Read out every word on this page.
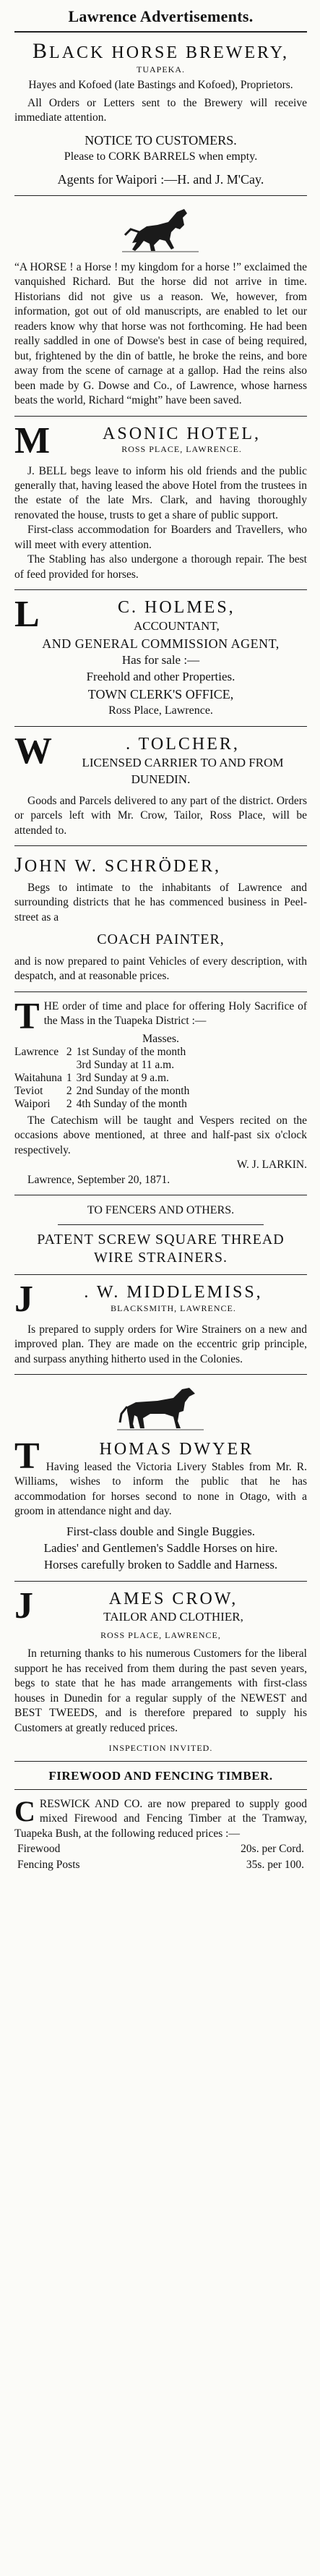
Lawrence Advertisements.
BLACK HORSE BREWERY,
TUAPEKA.
Hayes and Kofoed (late Bastings and Kofoed), Proprietors.
All Orders or Letters sent to the Brewery will receive immediate attention.
NOTICE TO CUSTOMERS.
Please to CORK BARRELS when empty.
Agents for Waipori :—H. and J. M'Cay.
“A HORSE ! a Horse ! my kingdom for a horse !” exclaimed the vanquished Richard. But the horse did not arrive in time. Historians did not give us a reason. We, however, from information, got out of old manuscripts, are enabled to let our readers know why that horse was not forthcoming. He had been really saddled in one of Dowse's best in case of being required, but, frightened by the din of battle, he broke the reins, and bore away from the scene of carnage at a gallop. Had the reins also been made by G. Dowse and Co., of Lawrence, whose harness beats the world, Richard “might” have been saved.
M	ASONIC HOTEL,
ROSS PLACE, LAWRENCE.
J. BELL begs leave to inform his old friends and the public generally that, having leased the above Hotel from the trustees in the estate of the late Mrs. Clark, and having thoroughly renovated the house, trusts to get a share of public support.
First-class accommodation for Boarders and Travellers, who will meet with every attention.
The Stabling has also undergone a thorough repair. The best of feed provided for horses.
L	C. HOLMES,
ACCOUNTANT,
AND GENERAL COMMISSION AGENT,
Has for sale :—
Freehold and other Properties.
TOWN CLERK'S OFFICE,
Ross Place, Lawrence.
W	. TOLCHER,
LICENSED CARRIER TO AND FROM DUNEDIN.
Goods and Parcels delivered to any part of the district. Orders or parcels left with Mr. Crow, Tailor, Ross Place, will be attended to.
JOHN W. SCHRÖDER,
Begs to intimate to the inhabitants of Lawrence and surrounding districts that he has commenced business in Peel-street as a
COACH PAINTER,
and is now prepared to paint Vehicles of every description, with despatch, and at reasonable prices.
THE order of time and place for offering Holy Sacrifice of the Mass in the Tuapeka District :—
Masses.
Lawrence	2	1st Sunday of the month
		3rd Sunday at 11 a.m.
Waitahuna	1	3rd Sunday at 9 a.m.
Teviot	2	2nd Sunday of the month
Waipori	2	4th Sunday of the month
The Catechism will be taught and Vespers recited on the occasions above mentioned, at three and half-past six o'clock respectively.
W. J. LARKIN.
Lawrence, September 20, 1871.
TO FENCERS AND OTHERS.
PATENT SCREW SQUARE THREAD
WIRE STRAINERS.
J	. W. MIDDLEMISS,
BLACKSMITH, LAWRENCE.
Is prepared to supply orders for Wire Strainers on a new and improved plan. They are made on the eccentric grip principle, and surpass anything hitherto used in the Colonies.
T	HOMAS DWYER
Having leased the Victoria Livery Stables from Mr. R. Williams, wishes to inform the public that he has accommodation for horses second to none in Otago, with a groom in attendance night and day.
First-class double and Single Buggies.
Ladies' and Gentlemen's Saddle Horses on hire.
Horses carefully broken to Saddle and Harness.
J	AMES CROW,
TAILOR AND CLOTHIER,
ROSS PLACE, LAWRENCE,
In returning thanks to his numerous Customers for the liberal support he has received from them during the past seven years, begs to state that he has made arrangements with first-class houses in Dunedin for a regular supply of the NEWEST and BEST TWEEDS, and is therefore prepared to supply his Customers at greatly reduced prices.
INSPECTION INVITED.
FIREWOOD AND FENCING TIMBER.
CRESWICK AND CO. are now prepared to supply good mixed Firewood and Fencing Timber at the Tramway, Tuapeka Bush, at the following reduced prices :—
Firewood	20s. per Cord.
Fencing Posts	35s. per 100.
